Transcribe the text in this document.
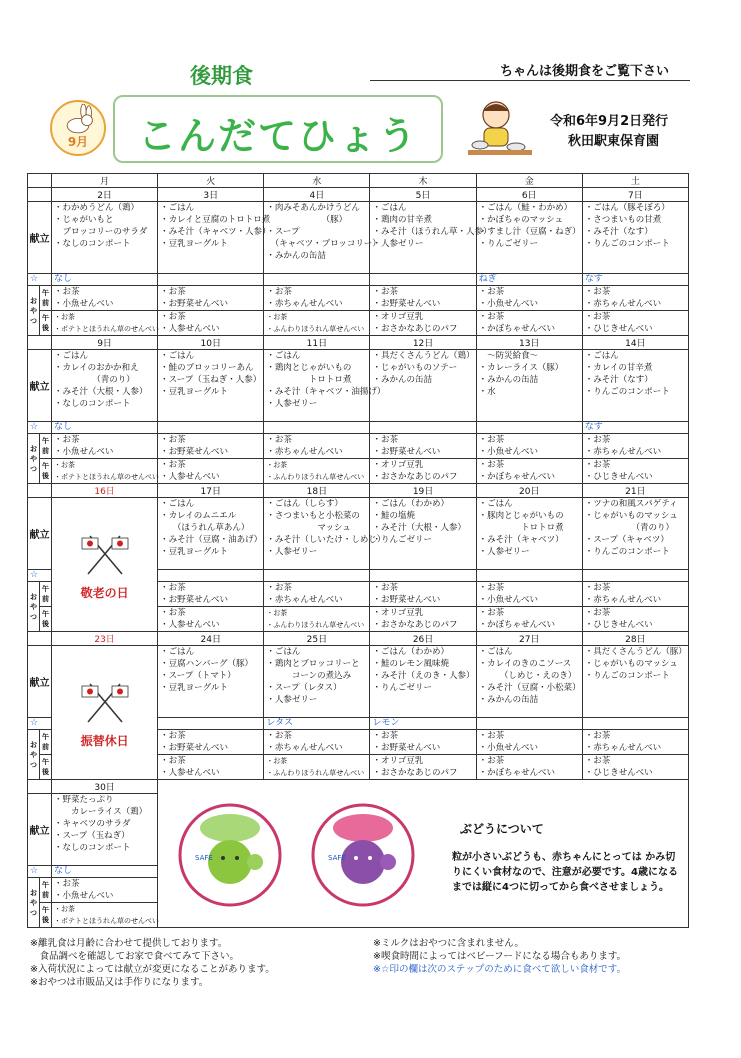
後期食
9月	こんだてひょう
ちゃんは後期食をご覧下さい
令和6年9月2日発行
秋田駅東保育園
		月	火	水	木	金	土
		2日	3日	4日	5日	6日	7日
献立		・わかめうどん（鶏）
・じゃがいもと
　ブロッコリーのサラダ
・なしのコンポート	・ごはん
・カレイと豆腐のトロトロ煮
・みそ汁（キャベツ・人参）
・豆乳ヨーグルト	・肉みそあんかけうどん
　　　　　　　（豚）
・スープ
　（キャベツ・ブロッコリー）
・みかんの缶詰	・ごはん
・鶏肉の甘辛煮
・みそ汁（ほうれん草・人参）
・人参ゼリー	・ごはん（鮭・わかめ）
・かぼちゃのマッシュ
・すまし汁（豆腐・ねぎ）
・りんごゼリー	・ごはん（豚そぼろ）
・さつまいもの甘煮
・みそ汁（なす）
・りんごのコンポート
☆		なし				ねぎ	なす
おやつ	午前	・お茶
・小魚せんべい	・お茶
・お野菜せんべい	・お茶
・赤ちゃんせんべい	・お茶
・お野菜せんべい	・お茶
・小魚せんべい	・お茶
・赤ちゃんせんべい
	午後	・お茶
・ポテトとほうれん草のせんべい	・お茶
・人参せんべい	・お茶
・ふんわりほうれん草せんべい	・オリゴ豆乳
・おさかなあじのパフ	・お茶
・かぼちゃせんべい	・お茶
・ひじきせんべい
		9日	10日	11日	12日	13日	14日
献立		・ごはん
・カレイのおかか和え
　　　　　（青のり）
・みそ汁（大根・人参）
・なしのコンポート	・ごはん
・鮭のブロッコリーあん
・スープ（玉ねぎ・人参）
・豆乳ヨーグルト	・ごはん
・鶏肉とじゃがいもの
　　　　　トロトロ煮
・みそ汁（キャベツ・油揚げ）
・人参ゼリー	・具だくさんうどん（鶏）
・じゃがいものソテー
・みかんの缶詰	　〜防災給食〜
・カレーライス（豚）
・みかんの缶詰
・水	・ごはん
・カレイの甘辛煮
・みそ汁（なす）
・りんごのコンポート
☆		なし					なす
おやつ	午前	・お茶
・小魚せんべい	・お茶
・お野菜せんべい	・お茶
・赤ちゃんせんべい	・お茶
・お野菜せんべい	・お茶
・小魚せんべい	・お茶
・赤ちゃんせんべい
	午後	・お茶
・ポテトとほうれん草のせんべい	・お茶
・人参せんべい	・お茶
・ふんわりほうれん草せんべい	・オリゴ豆乳
・おさかなあじのパフ	・お茶
・かぼちゃせんべい	・お茶
・ひじきせんべい
		16日	17日	18日	19日	20日	21日
献立		敬老の日	・ごはん
・カレイのムニエル
　　（ほうれん草あん）
・みそ汁（豆腐・油あげ）
・豆乳ヨーグルト	・ごはん（しらす）
・さつまいもと小松菜の
　　　　　　マッシュ
・みそ汁（しいたけ・しめじ）
・人参ゼリー	・ごはん（わかめ）
・鮭の塩焼
・みそ汁（大根・人参）
・りんごゼリー	・ごはん
・豚肉とじゃがいもの
　　　　　トロトロ煮
・みそ汁（キャベツ）
・人参ゼリー	・ツナの和風スパゲティ
・じゃがいものマッシュ
　　　　　　（青のり）
・スープ（キャベツ）
・りんごのコンポート
☆							
おやつ	午前		・お茶
・お野菜せんべい	・お茶
・赤ちゃんせんべい	・お茶
・お野菜せんべい	・お茶
・小魚せんべい	・お茶
・赤ちゃんせんべい
	午後		・お茶
・人参せんべい	・お茶
・ふんわりほうれん草せんべい	・オリゴ豆乳
・おさかなあじのパフ	・お茶
・かぼちゃせんべい	・お茶
・ひじきせんべい
		23日	24日	25日	26日	27日	28日
献立		振替休日	・ごはん
・豆腐ハンバーグ（豚）
・スープ（トマト）
・豆乳ヨーグルト	・ごはん
・鶏肉とブロッコリーと
　　　コーンの煮込み
・スープ（レタス）
・人参ゼリー	・ごはん（わかめ）
・鮭のレモン風味焼
・みそ汁（えのき・人参）
・りんごゼリー	・ごはん
・カレイのきのこソース
　　　（しめじ・えのき）
・みそ汁（豆腐・小松菜）
・みかんの缶詰	・具だくさんうどん（豚）
・じゃがいものマッシュ
・りんごのコンポート
☆				レタス	レモン		
おやつ	午前		・お茶
・お野菜せんべい	・お茶
・赤ちゃんせんべい	・お茶
・お野菜せんべい	・お茶
・小魚せんべい	・お茶
・赤ちゃんせんべい
	午後		・お茶
・人参せんべい	・お茶
・ふんわりほうれん草せんべい	・オリゴ豆乳
・おさかなあじのパフ	・お茶
・かぼちゃせんべい	・お茶
・ひじきせんべい
		30日					
献立		・野菜たっぷり
　　カレーライス（鶏）
・キャベツのサラダ
・スープ（玉ねぎ）
・なしのコンポート					
☆		なし					
おやつ	午前	・お茶
・小魚せんべい					
	午後	・お茶
・ポテトとほうれん草のせんべい					
SAFE	SAFE
ぶどうについて
粒が小さいぶどうも、赤ちゃんにとっては かみ切りにくい食材なので、注意が必要です。4歳になるまでは縦に4つに切ってから食べさせましょう。
※離乳食は月齢に合わせて提供しております。
　食品調べを確認してお家で食べてみて下さい。
※入荷状況によっては献立が変更になることがあります。
※おやつは市販品又は手作りになります。
※ミルクはおやつに含まれません。
※喫食時間によってはベビーフードになる場合もあります。
※☆印の欄は次のステップのために食べて欲しい食材です。
